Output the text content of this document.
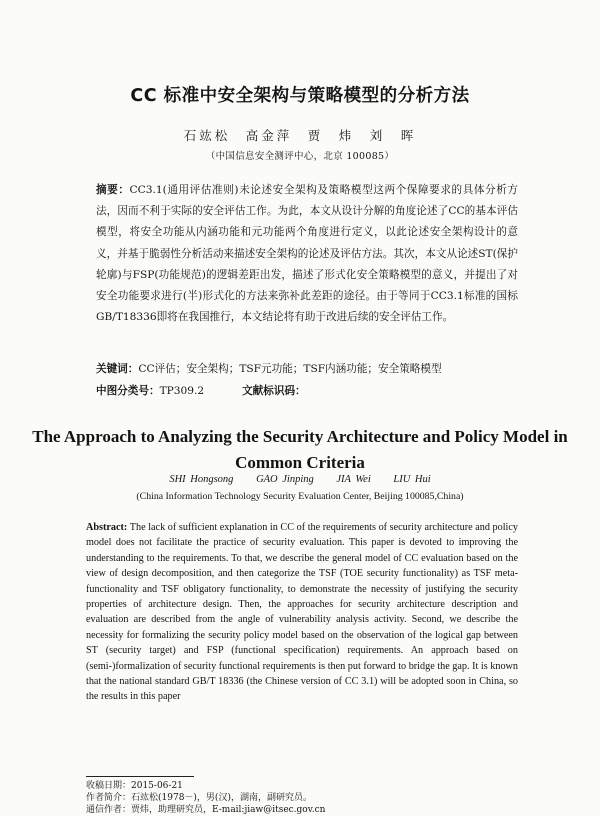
CC 标准中安全架构与策略模型的分析方法
石竑松　高金萍　贾　炜　刘　晖
（中国信息安全测评中心，北京 100085）
摘要：CC3.1(通用评估准则)未论述安全架构及策略模型这两个保障要求的具体分析方法，因而不利于实际的安全评估工作。为此，本文从设计分解的角度论述了CC的基本评估模型，将安全功能从内涵功能和元功能两个角度进行定义，以此论述安全架构设计的意义，并基于脆弱性分析活动来描述安全架构的论述及评估方法。其次，本文从论述ST(保护轮廓)与FSP(功能规范)的逻辑差距出发，描述了形式化安全策略模型的意义，并提出了对安全功能要求进行(半)形式化的方法来弥补此差距的途径。由于等同于CC3.1标准的国标GB/T18336即将在我国推行，本文结论将有助于改进后续的安全评估工作。
关键词：CC评估；安全架构；TSF元功能；TSF内涵功能；安全策略模型
中图分类号：TP309.2	文献标识码：
The Approach to Analyzing the Security Architecture and Policy Model in Common Criteria
SHI Hongsong GAO Jinping JIA Wei LIU Hui
(China Information Technology Security Evaluation Center, Beijing 100085,China)
Abstract: The lack of sufficient explanation in CC of the requirements of security architecture and policy model does not facilitate the practice of security evaluation. This paper is devoted to improving the understanding to the requirements. To that, we describe the general model of CC evaluation based on the view of design decomposition, and then categorize the TSF (TOE security functionality) as TSF meta-functionality and TSF obligatory functionality, to demonstrate the necessity of justifying the security properties of architecture design. Then, the approaches for security architecture description and evaluation are described from the angle of vulnerability analysis activity. Second, we describe the necessity for formalizing the security policy model based on the observation of the logical gap between ST (security target) and FSP (functional specification) requirements. An approach based on (semi-)formalization of security functional requirements is then put forward to bridge the gap. It is known that the national standard GB/T 18336 (the Chinese version of CC 3.1) will be adopted soon in China, so the results in this paper
收稿日期：2015-06-21
作者简介：石竑松(1978－)，男(汉)，湖南，副研究员。
通信作者：贾炜，助理研究员，E-mail:jiaw@itsec.gov.cn
